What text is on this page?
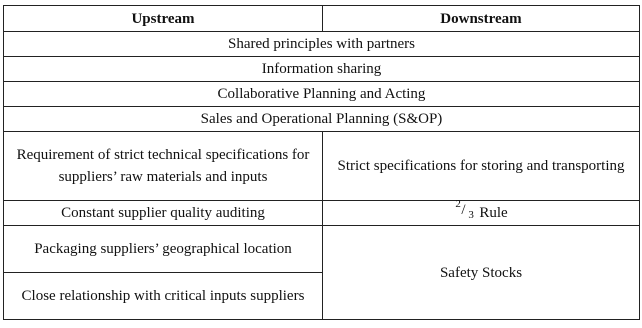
Upstream	Downstream
Shared principles with partners	
Information sharing	
Collaborative Planning and Acting	
Sales and Operational Planning (S&OP)	
Requirement of strict technical specifications for suppliers’ raw materials and inputs	Strict specifications for storing and transporting
Constant supplier quality auditing	2 / 3 Rule
Packaging suppliers’ geographical location	Safety Stocks
Close relationship with critical inputs suppliers	
